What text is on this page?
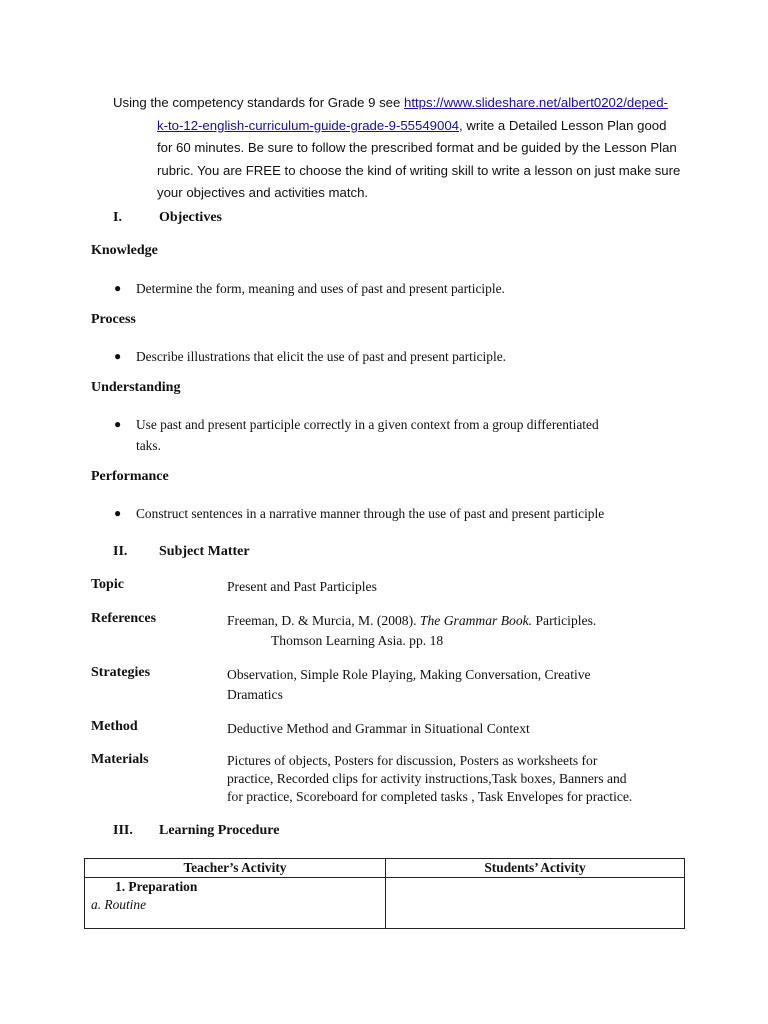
Using the competency standards for Grade 9 see https://www.slideshare.net/albert0202/deped-
k-to-12-english-curriculum-guide-grade-9-55549004, write a Detailed Lesson Plan good
for 60 minutes. Be sure to follow the prescribed format and be guided by the Lesson Plan
rubric. You are FREE to choose the kind of writing skill to write a lesson on just make sure
your objectives and activities match.
I.	Objectives
Knowledge
● Determine the form, meaning and uses of past and present participle.
Process
● Describe illustrations that elicit the use of past and present participle.
Understanding
● Use past and present participle correctly in a given context from a group differentiated
taks.
Performance
● Construct sentences in a narrative manner through the use of past and present participle
II. Subject Matter
Topic	Present and Past Participles
References	Freeman, D. & Murcia, M. (2008). The Grammar Book. Participles.
Thomson Learning Asia. pp. 18
Strategies	Observation, Simple Role Playing, Making Conversation, Creative
Dramatics
Method	Deductive Method and Grammar in Situational Context
Materials	Pictures of objects, Posters for discussion, Posters as worksheets for
practice, Recorded clips for activity instructions,Task boxes, Banners and
for practice, Scoreboard for completed tasks , Task Envelopes for practice.
III. Learning Procedure
Teacher’s Activity	Students’ Activity

1. Preparation
a. Routine	
